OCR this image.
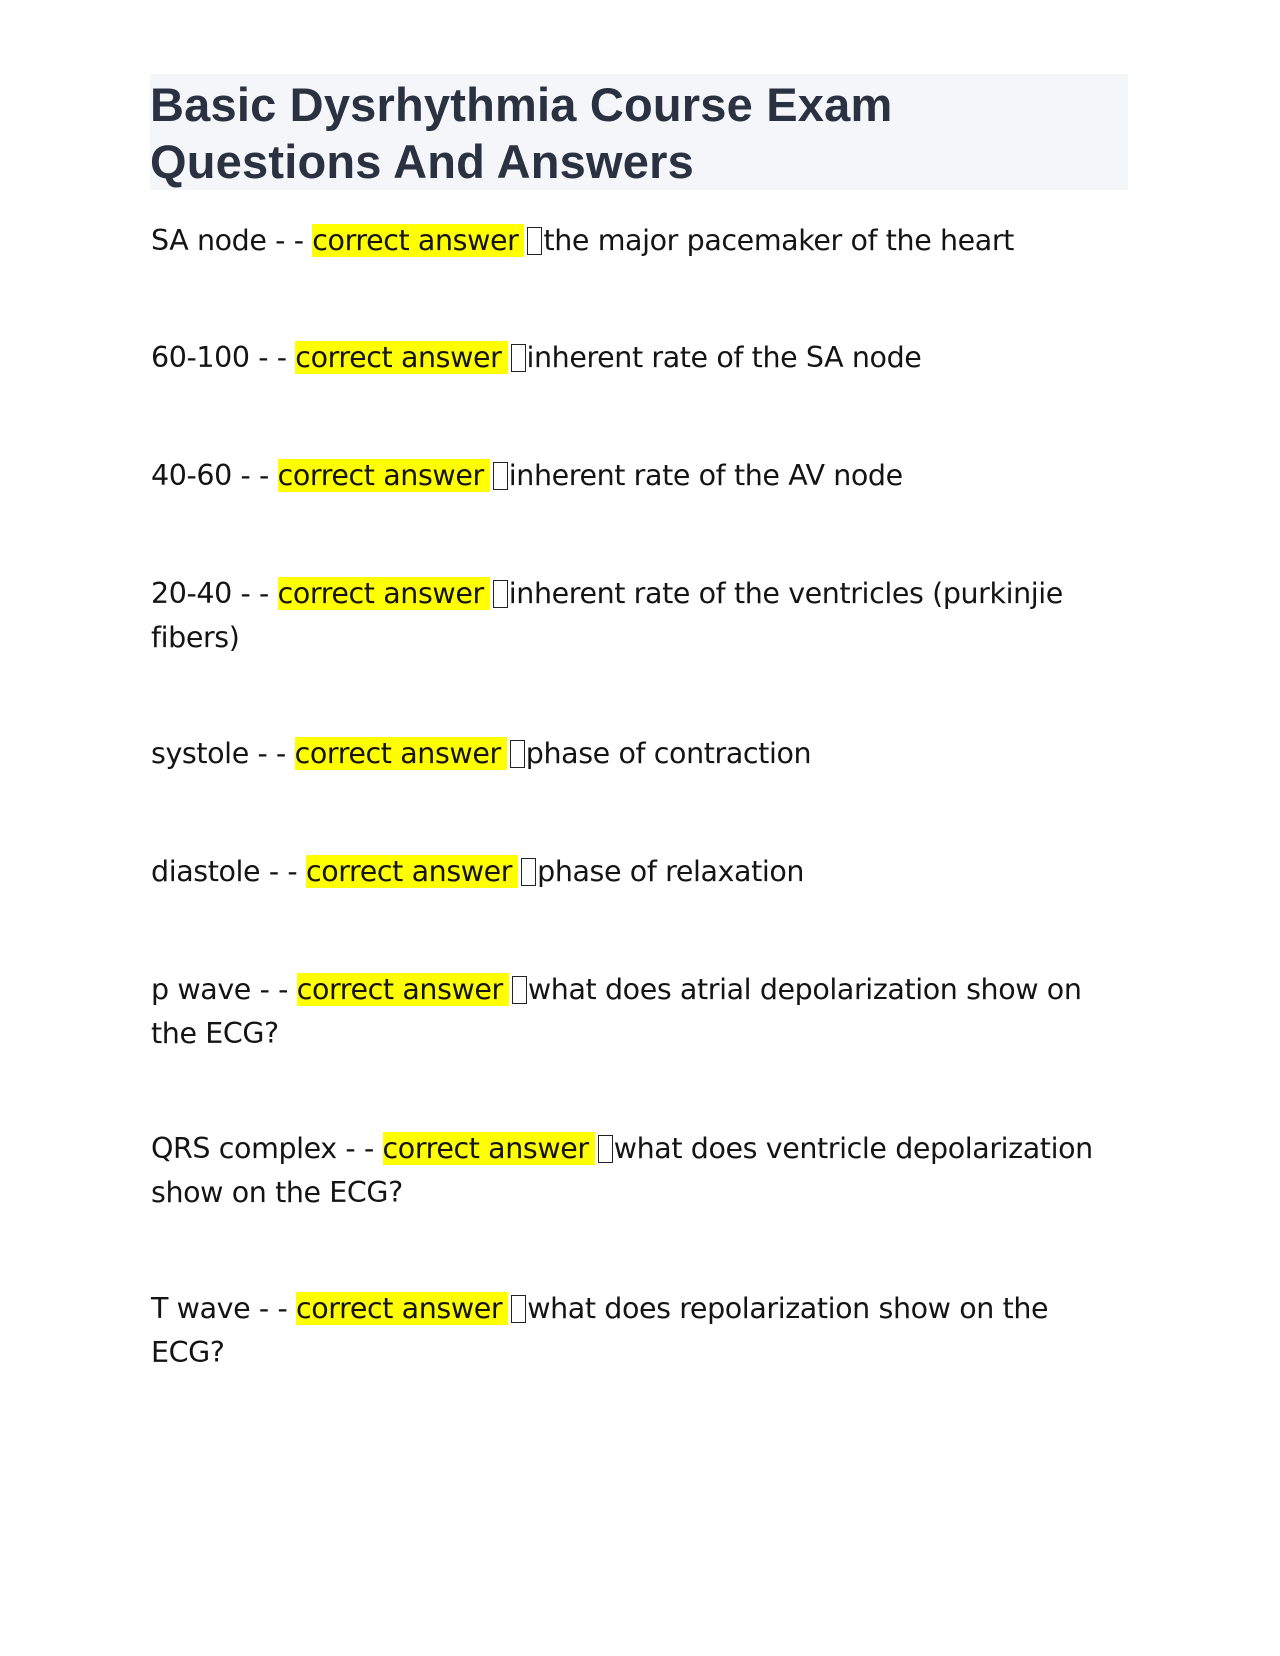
Basic Dysrhythmia Course Exam Questions And Answers
SA node - - correct answer the major pacemaker of the heart
60-100 - - correct answer inherent rate of the SA node
40-60 - - correct answer inherent rate of the AV node
20-40 - - correct answer inherent rate of the ventricles (purkinjie fibers)
systole - - correct answer phase of contraction
diastole - - correct answer phase of relaxation
p wave - - correct answer what does atrial depolarization show on the ECG?
QRS complex - - correct answer what does ventricle depolarization show on the ECG?
T wave - - correct answer what does repolarization show on the ECG?
